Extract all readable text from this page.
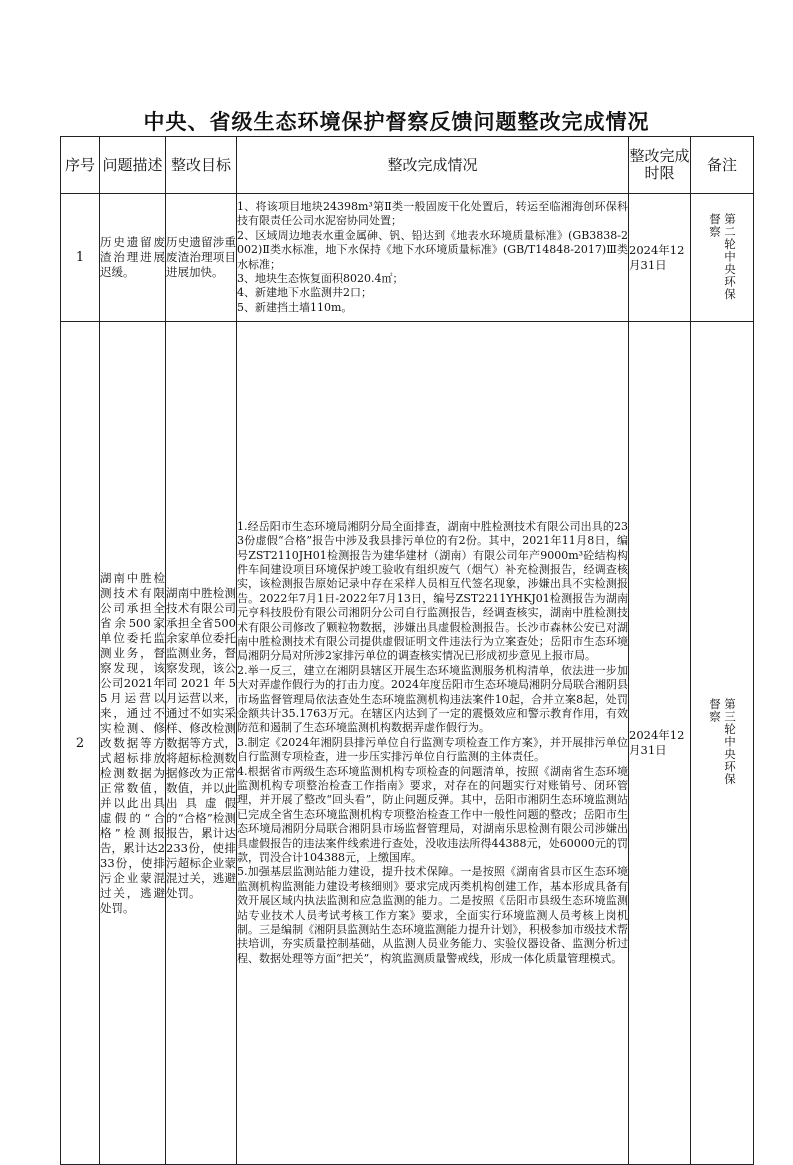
中央、省级生态环境保护督察反馈问题整改完成情况
序号	问题描述	整改目标	整改完成情况	整改完成时限	备注
1	历史遗留废渣治理进展迟缓。	历史遗留涉重废渣治理项目进展加快。	1、将该项目地块24398m³第Ⅱ类一般固废干化处置后，转运至临湘海创环保科技有限责任公司水泥窑协同处置；

2、区域周边地表水重金属砷、钒、铅达到《地表水环境质量标准》(GB3838-2002)Ⅱ类水标准，地下水保持《地下水环境质量标准》(GB/T14848-2017)Ⅲ类水标准；

3、地块生态恢复面积8020.4㎡；

4、新建地下水监测井2口；

5、新建挡土墙110m。	2024年12月31日	第二轮中央环保督察

2	湖南中胜检测技术有限公司承担全省余500家单位委托监测业务，督察发现，该公司2021年5月运营以来，通过不实检测、修改数据等方式超标排放检测数据为正常数值，并以此出具虚假的“合格”检测报告，累计达233份，使排污企业蒙混过关，逃避处罚。	湖南中胜检测技术有限公司承担全省500余家单位委托监测业务，督察发现，该公司2021年5月运营以来，通过不如实采样、修改检测数据等方式，将超标检测数据修改为正常数值，并以此出具虚假的“合格”检测报告，累计达233份，使排污超标企业蒙混过关，逃避处罚。	1.经岳阳市生态环境局湘阴分局全面排查，湖南中胜检测技术有限公司出具的233份虚假“合格”报告中涉及我县排污单位的有2份。其中，2021年11月8日，编号ZST2110JH01检测报告为建华建材（湖南）有限公司年产9000m³砼结构构件车间建设项目环境保护竣工验收有组织废气（烟气）补充检测报告，经调查核实，该检测报告原始记录中存在采样人员相互代签名现象，涉嫌出具不实检测报告。2022年7月1日-2022年7月13日，编号ZST2211YHKJ01检测报告为湖南元亨科技股份有限公司湘阴分公司自行监测报告，经调查核实，湖南中胜检测技术有限公司修改了颗粒物数据，涉嫌出具虚假检测报告。长沙市森林公安已对湖南中胜检测技术有限公司提供虚假证明文件违法行为立案查处；岳阳市生态环境局湘阴分局对所涉2家排污单位的调查核实情况已形成初步意见上报市局。

2.举一反三，建立在湘阴县辖区开展生态环境监测服务机构清单，依法进一步加大对弄虚作假行为的打击力度。2024年度岳阳市生态环境局湘阴分局联合湘阴县市场监督管理局依法查处生态环境监测机构违法案件10起，合并立案8起，处罚金额共计35.1763万元。在辖区内达到了一定的震慑效应和警示教育作用，有效防范和遏制了生态环境监测机构数据弄虚作假行为。

3.制定《2024年湘阴县排污单位自行监测专项检查工作方案》，并开展排污单位自行监测专项检查，进一步压实排污单位自行监测的主体责任。

4.根据省市两级生态环境监测机构专项检查的问题清单，按照《湖南省生态环境监测机构专项整治检查工作指南》要求，对存在的问题实行对账销号、闭环管理，并开展了整改“回头看”，防止问题反弹。其中，岳阳市湘阴生态环境监测站已完成全省生态环境监测机构专项整治检查工作中一般性问题的整改；岳阳市生态环境局湘阴分局联合湘阴县市场监督管理局，对湖南乐思检测有限公司涉嫌出具虚假报告的违法案件线索进行查处，没收违法所得44388元，处60000元的罚款，罚没合计104388元，上缴国库。

5.加强基层监测站能力建设，提升技术保障。一是按照《湖南省县市区生态环境监测机构监测能力建设考核细则》要求完成丙类机构创建工作，基本形成具备有效开展区域内执法监测和应急监测的能力。二是按照《岳阳市县级生态环境监测站专业技术人员考试考核工作方案》要求，全面实行环境监测人员考核上岗机制。三是编制《湘阴县监测站生态环境监测能力提升计划》，积极参加市级技术帮扶培训，夯实质量控制基础，从监测人员业务能力、实验仪器设备、监测分析过程、数据处理等方面“把关”，构筑监测质量警戒线，形成一体化质量管理模式。	2024年12月31日	第三轮中央环保督察
